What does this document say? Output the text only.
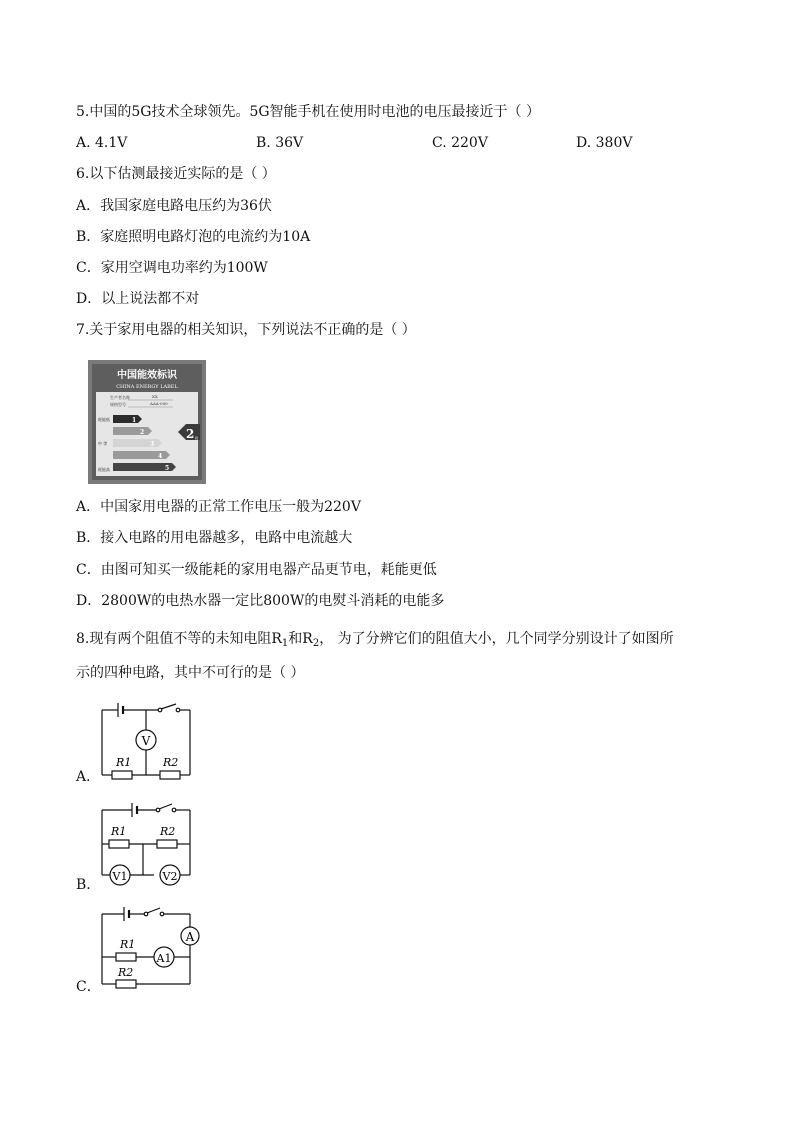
5.中国的5G技术全球领先。5G智能手机在使用时电池的电压最接近于（ ）
A. 4.1V	B. 36V	C. 220V	D. 380V
6.以下估测最接近实际的是（ ）
A．我国家庭电路电压约为36伏
B．家庭照明电路灯泡的电流约为10A
C．家用空调电功率约为100W
D．以上说法都不对
7.关于家用电器的相关知识，下列说法不正确的是（ ）
中国能效标识
CHINA ENERGY LABEL
生产者名称	XX
规格型号	AAA-000
耗能低
中 等
耗能高
1
2
3
4
5
2 级
A．中国家用电器的正常工作电压一般为220V
B．接入电路的用电器越多，电路中电流越大
C．由图可知买一级能耗的家用电器产品更节电，耗能更低
D．2800W的电热水器一定比800W的电熨斗消耗的电能多
8.现有两个阻值不等的未知电阻$R_1$和$R_2$， 为了分辨它们的阻值大小，几个同学分别设计了如图所
示的四种电路，其中不可行的是（ ）
A．
V
R1	R2
B．
R1	R2
V1	V2
C．
R1
R2
A
A1
